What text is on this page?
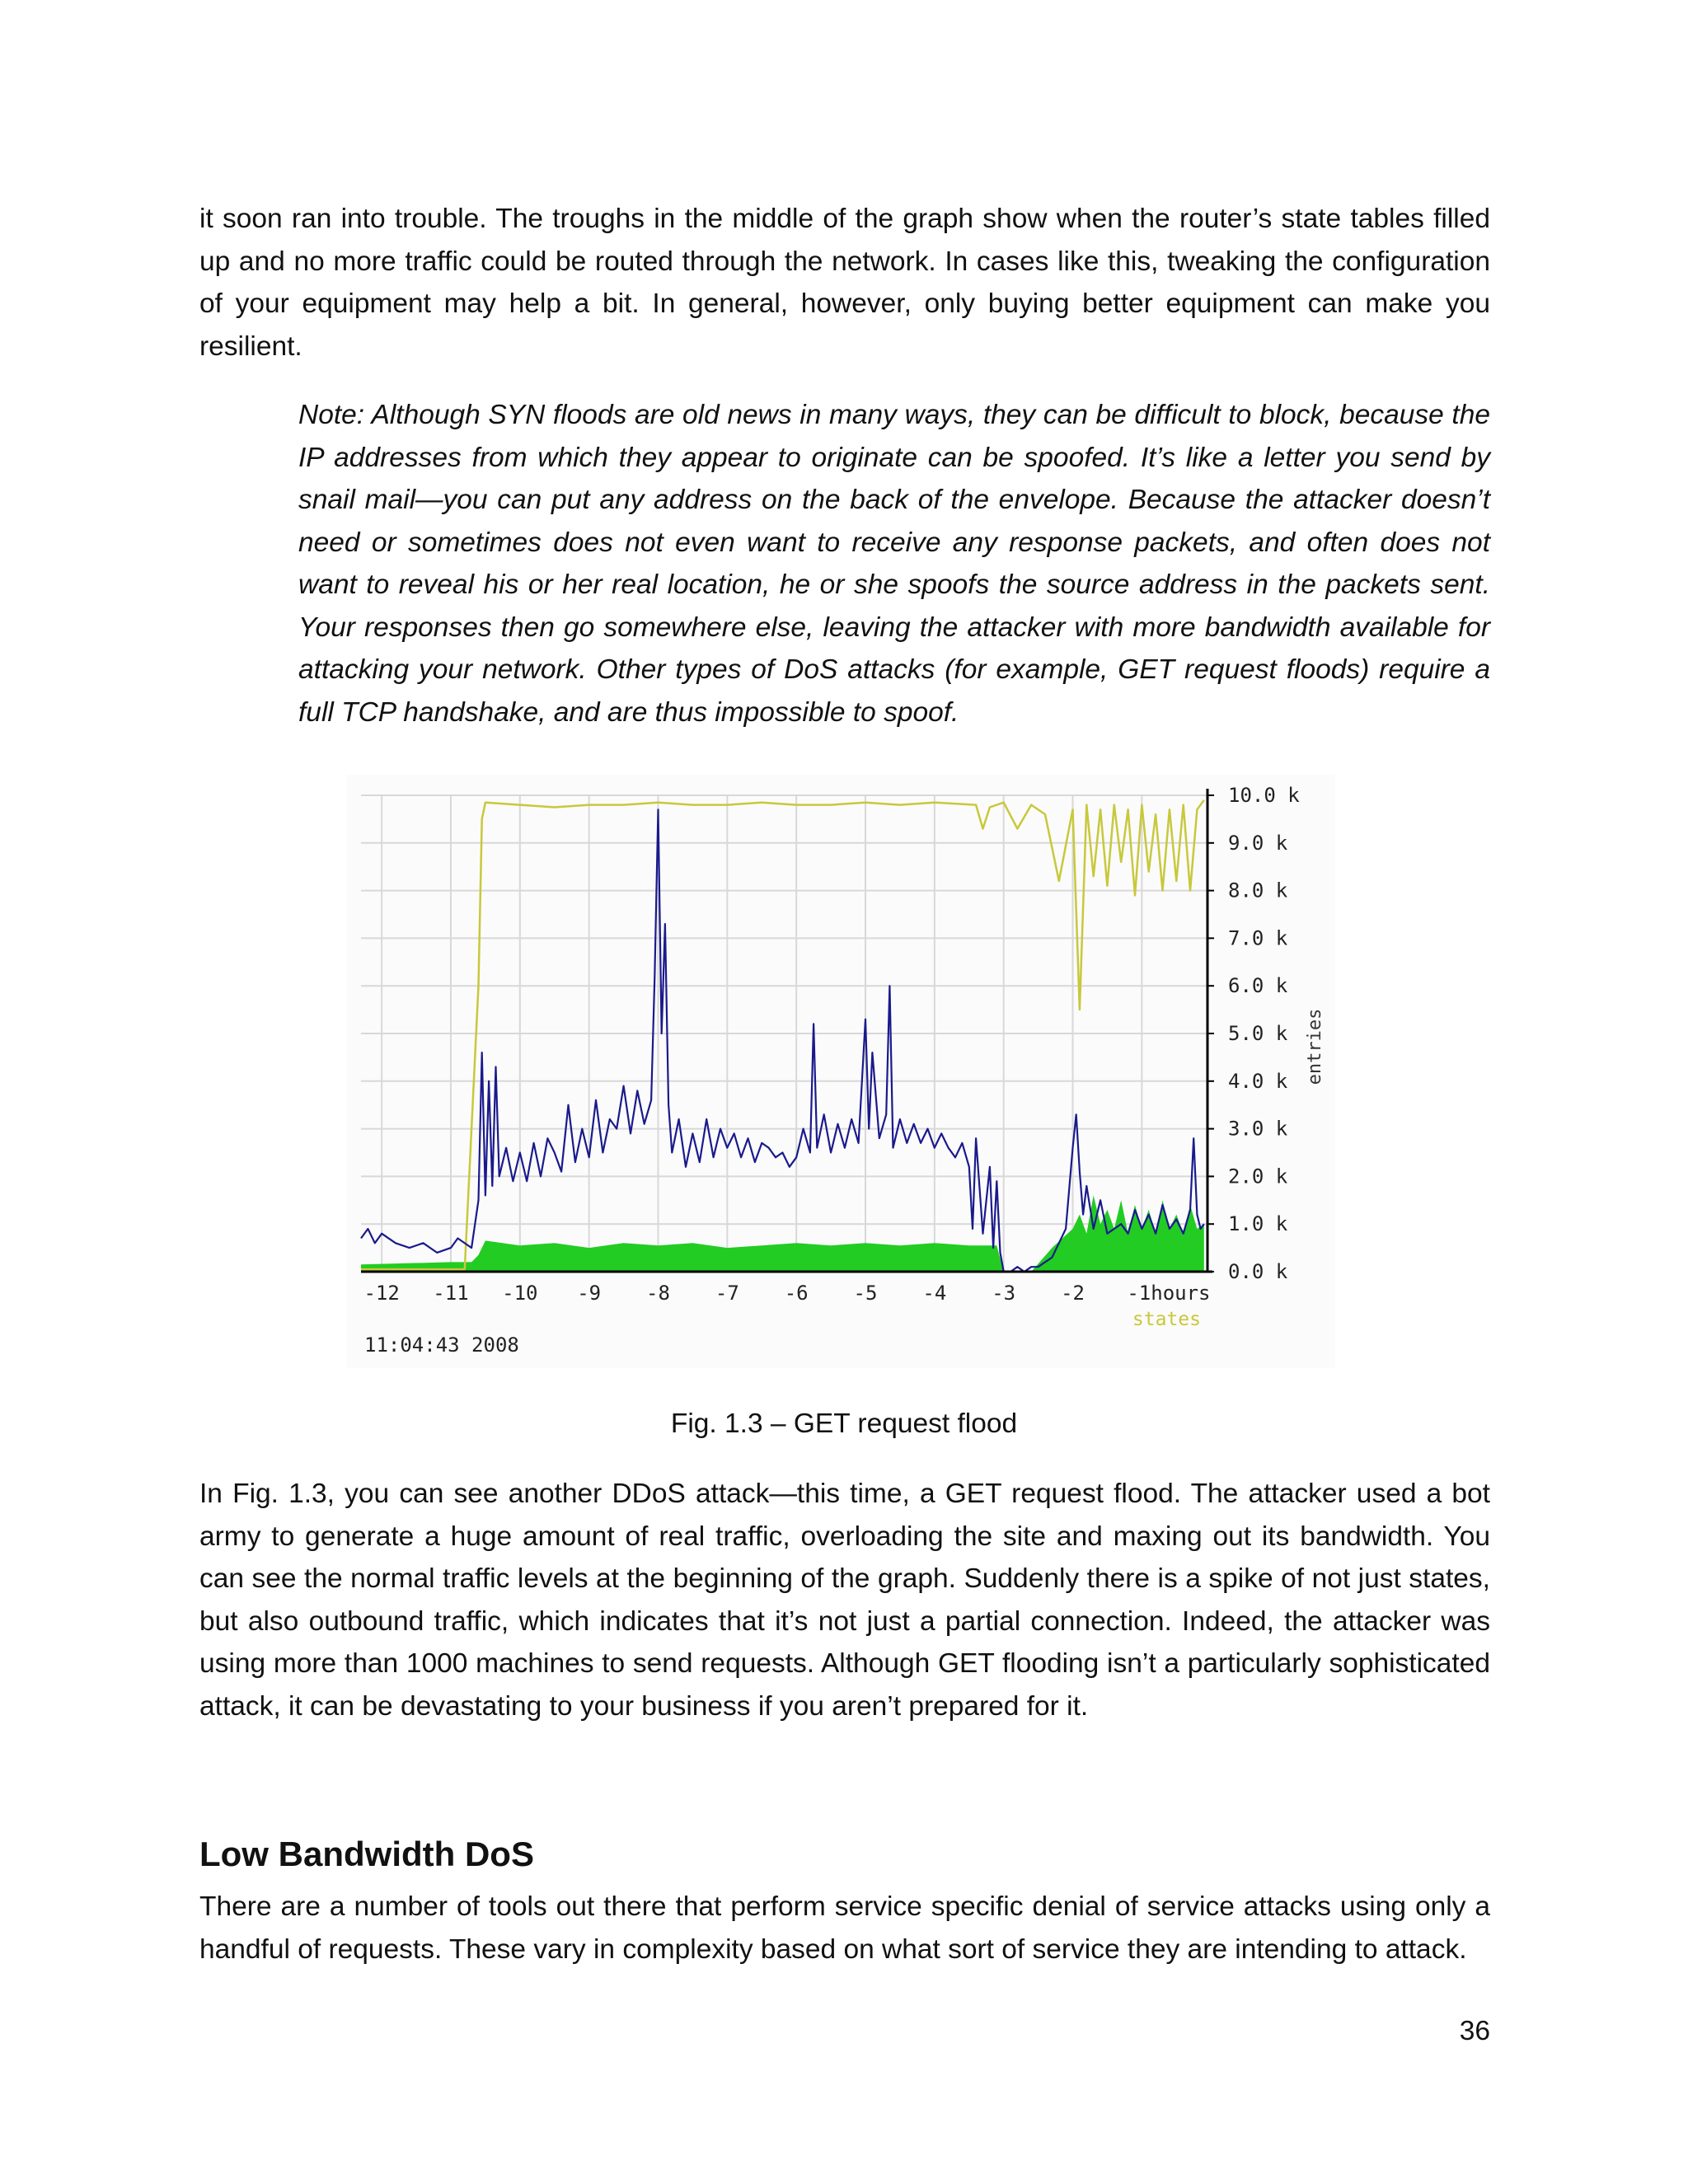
it soon ran into trouble. The troughs in the middle of the graph show when the router’s state tables filled up and no more traffic could be routed through the network. In cases like this, tweaking the configuration of your equipment may help a bit. In general, however, only buying better equipment can make you resilient.

Note: Although SYN floods are old news in many ways, they can be difficult to block, because the IP addresses from which they appear to originate can be spoofed. It’s like a letter you send by snail mail—you can put any address on the back of the envelope. Because the attacker doesn’t need or sometimes does not even want to receive any response packets, and often does not want to reveal his or her real location, he or she spoofs the source address in the packets sent. Your responses then go somewhere else, leaving the attacker with more bandwidth available for attacking your network. Other types of DoS attacks (for example, GET request floods) require a full TCP handshake, and are thus impossible to spoof.

10.0 k
9.0 k
8.0 k
7.0 k
6.0 k
5.0 k
4.0 k
3.0 k
2.0 k
1.0 k
0.0 k
-12 -11 -10 -9 -8 -7 -6 -5 -4 -3 -2 -1hours
entries
states
11:04:43 2008

Fig. 1.3 – GET request flood

In Fig. 1.3, you can see another DDoS attack—this time, a GET request flood. The attacker used a bot army to generate a huge amount of real traffic, overloading the site and maxing out its bandwidth. You can see the normal traffic levels at the beginning of the graph. Suddenly there is a spike of not just states, but also outbound traffic, which indicates that it’s not just a partial connection. Indeed, the attacker was using more than 1000 machines to send requests. Although GET flooding isn’t a particularly sophisticated attack, it can be devastating to your business if you aren’t prepared for it.

Low Bandwidth DoS

There are a number of tools out there that perform service specific denial of service attacks using only a handful of requests. These vary in complexity based on what sort of service they are intending to attack.

36
